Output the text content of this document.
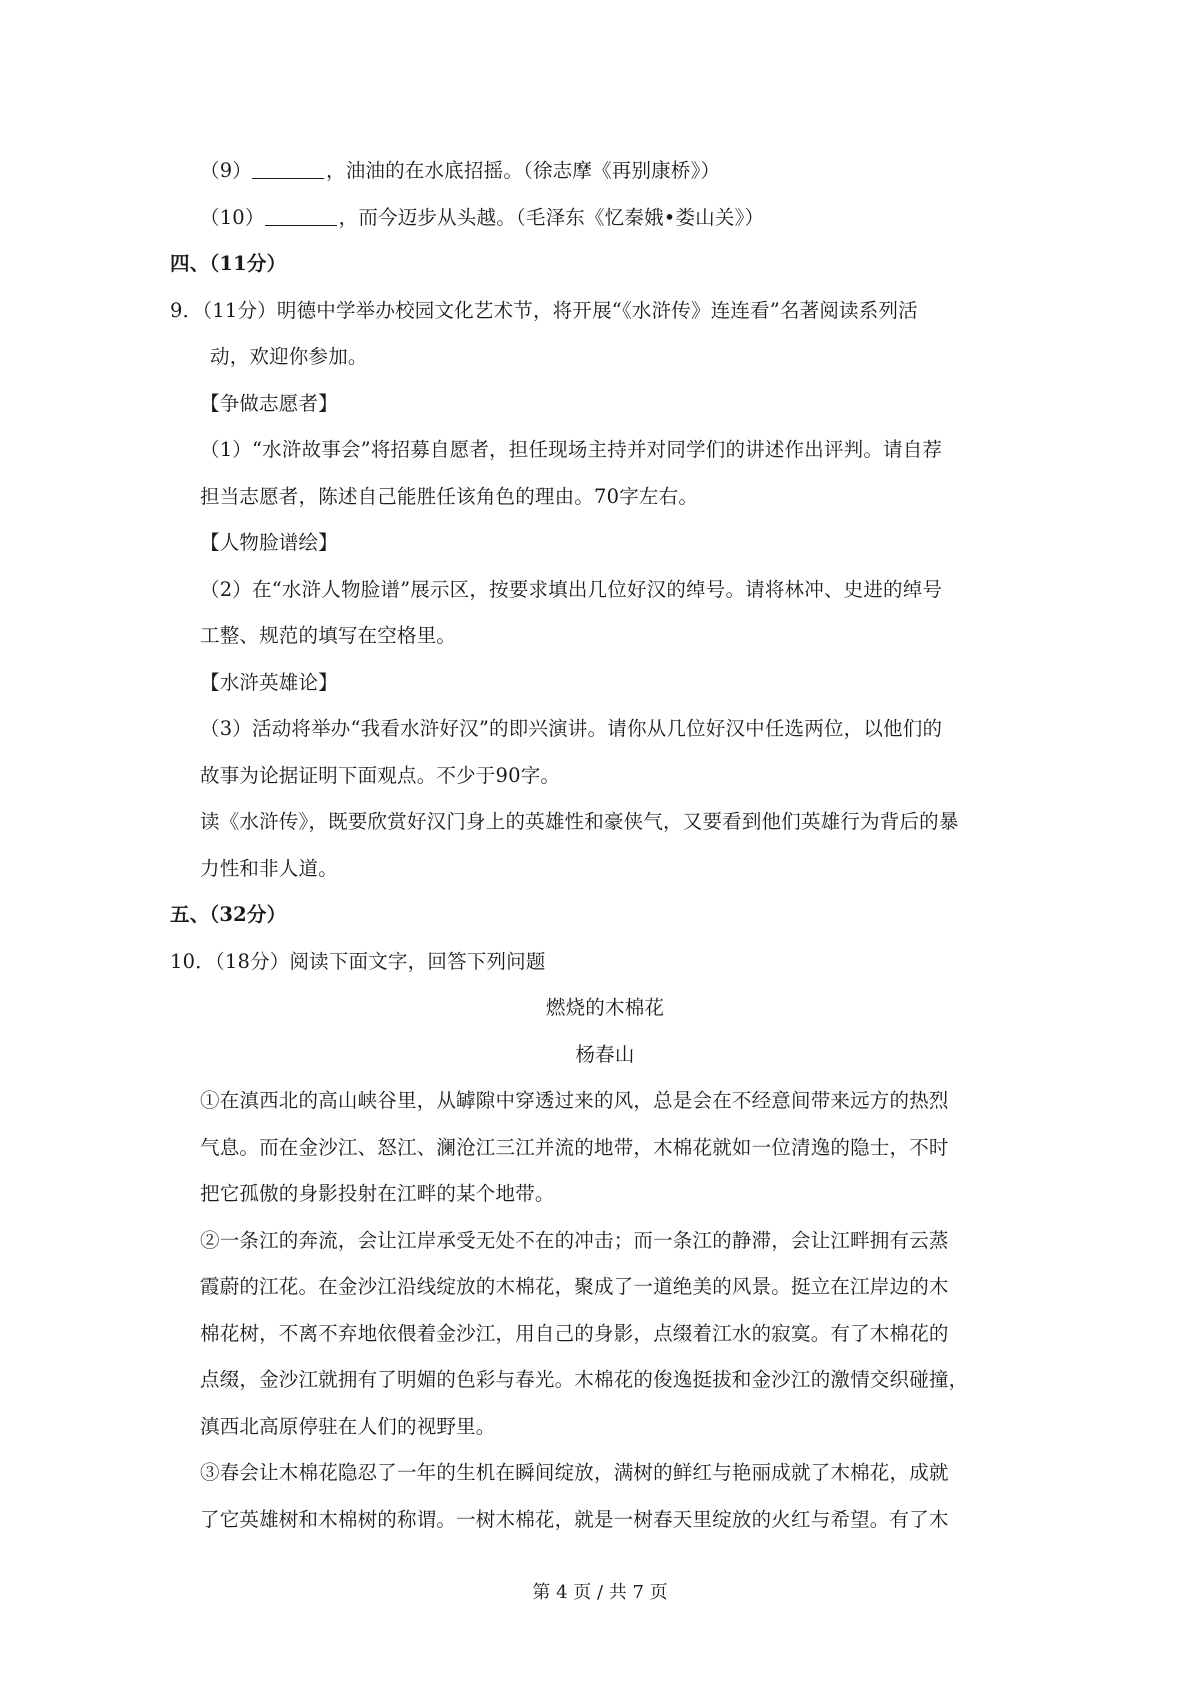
（9）	，油油的在水底招摇。（徐志摩《再别康桥》）
（10）	，而今迈步从头越。（毛泽东《忆秦娥•娄山关》）
四、（11分）
9．（11分）明德中学举办校园文化艺术节，将开展“《水浒传》连连看”名著阅读系列活
动，欢迎你参加。
【争做志愿者】
（1）“水浒故事会”将招募自愿者，担任现场主持并对同学们的讲述作出评判。请自荐
担当志愿者，陈述自己能胜任该角色的理由。70字左右。
【人物脸谱绘】
（2）在“水浒人物脸谱”展示区，按要求填出几位好汉的绰号。请将林冲、史进的绰号
工整、规范的填写在空格里。
【水浒英雄论】
（3）活动将举办“我看水浒好汉”的即兴演讲。请你从几位好汉中任选两位，以他们的
故事为论据证明下面观点。不少于90字。
读《水浒传》，既要欣赏好汉门身上的英雄性和豪侠气，又要看到他们英雄行为背后的暴
力性和非人道。
五、（32分）
10．（18分）阅读下面文字，回答下列问题
燃烧的木棉花
杨春山
①在滇西北的高山峡谷里，从罅隙中穿透过来的风，总是会在不经意间带来远方的热烈
气息。而在金沙江、怒江、澜沧江三江并流的地带，木棉花就如一位清逸的隐士，不时
把它孤傲的身影投射在江畔的某个地带。
②一条江的奔流，会让江岸承受无处不在的冲击；而一条江的静滞，会让江畔拥有云蒸
霞蔚的江花。在金沙江沿线绽放的木棉花，聚成了一道绝美的风景。挺立在江岸边的木
棉花树，不离不弃地依偎着金沙江，用自己的身影，点缀着江水的寂寞。有了木棉花的
点缀，金沙江就拥有了明媚的色彩与春光。木棉花的俊逸挺拔和金沙江的激情交织碰撞，
滇西北高原停驻在人们的视野里。
③春会让木棉花隐忍了一年的生机在瞬间绽放，满树的鲜红与艳丽成就了木棉花，成就
了它英雄树和木棉树的称谓。一树木棉花，就是一树春天里绽放的火红与希望。有了木
第 4 页 / 共 7 页
